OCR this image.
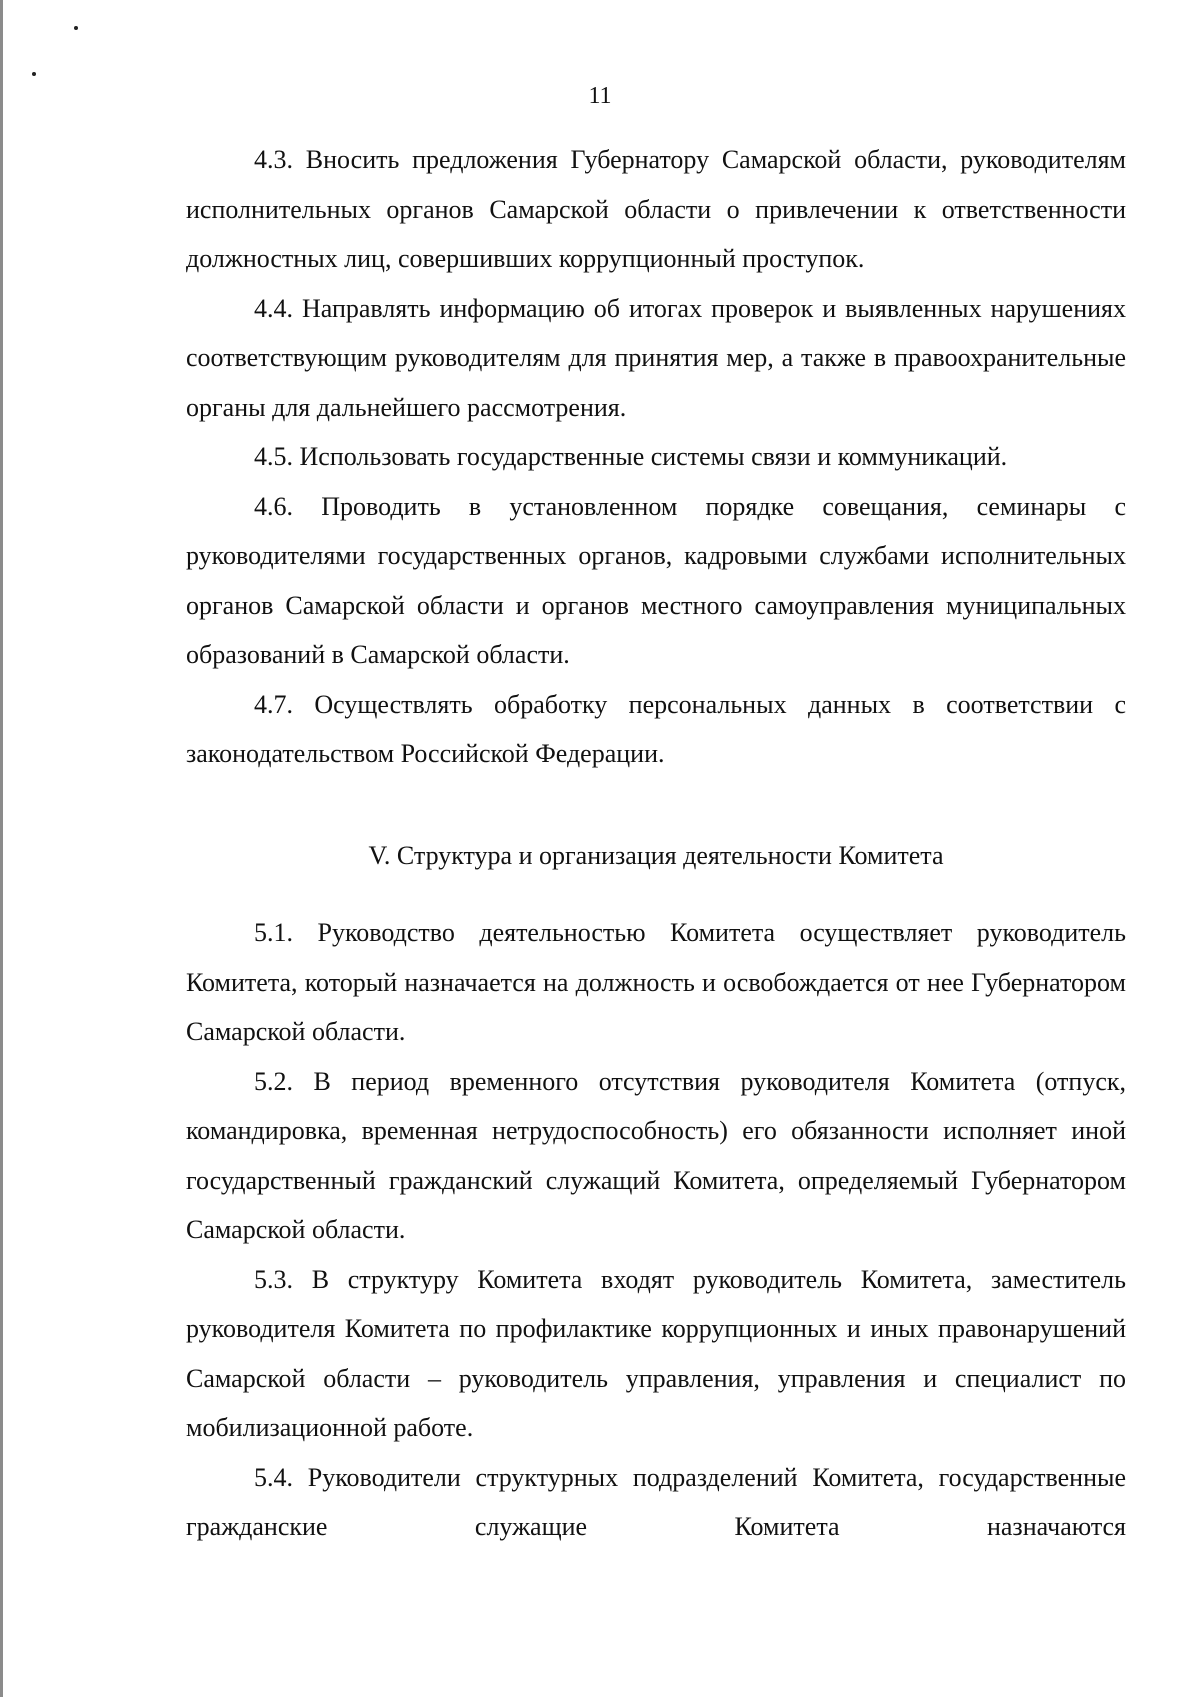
11

4.3. Вносить предложения Губернатору Самарской области, руководителям исполнительных органов Самарской области о привлечении к ответственности должностных лиц, совершивших коррупционный проступок.

4.4. Направлять информацию об итогах проверок и выявленных нарушениях соответствующим руководителям для принятия мер, а также в правоохранительные органы для дальнейшего рассмотрения.

4.5. Использовать государственные системы связи и коммуникаций.

4.6. Проводить в установленном порядке совещания, семинары с руководителями государственных органов, кадровыми службами исполнительных органов Самарской области и органов местного самоуправления муниципальных образований в Самарской области.

4.7. Осуществлять обработку персональных данных в соответствии с законодательством Российской Федерации.

V. Структура и организация деятельности Комитета

5.1. Руководство деятельностью Комитета осуществляет руководитель Комитета, который назначается на должность и освобождается от нее Губернатором Самарской области.

5.2. В период временного отсутствия руководителя Комитета (отпуск, командировка, временная нетрудоспособность) его обязанности исполняет иной государственный гражданский служащий Комитета, определяемый Губернатором Самарской области.

5.3. В структуру Комитета входят руководитель Комитета, заместитель руководителя Комитета по профилактике коррупционных и иных правонарушений Самарской области – руководитель управления, управления и специалист по мобилизационной работе.

5.4. Руководители структурных подразделений Комитета, государственные гражданские служащие Комитета назначаются
